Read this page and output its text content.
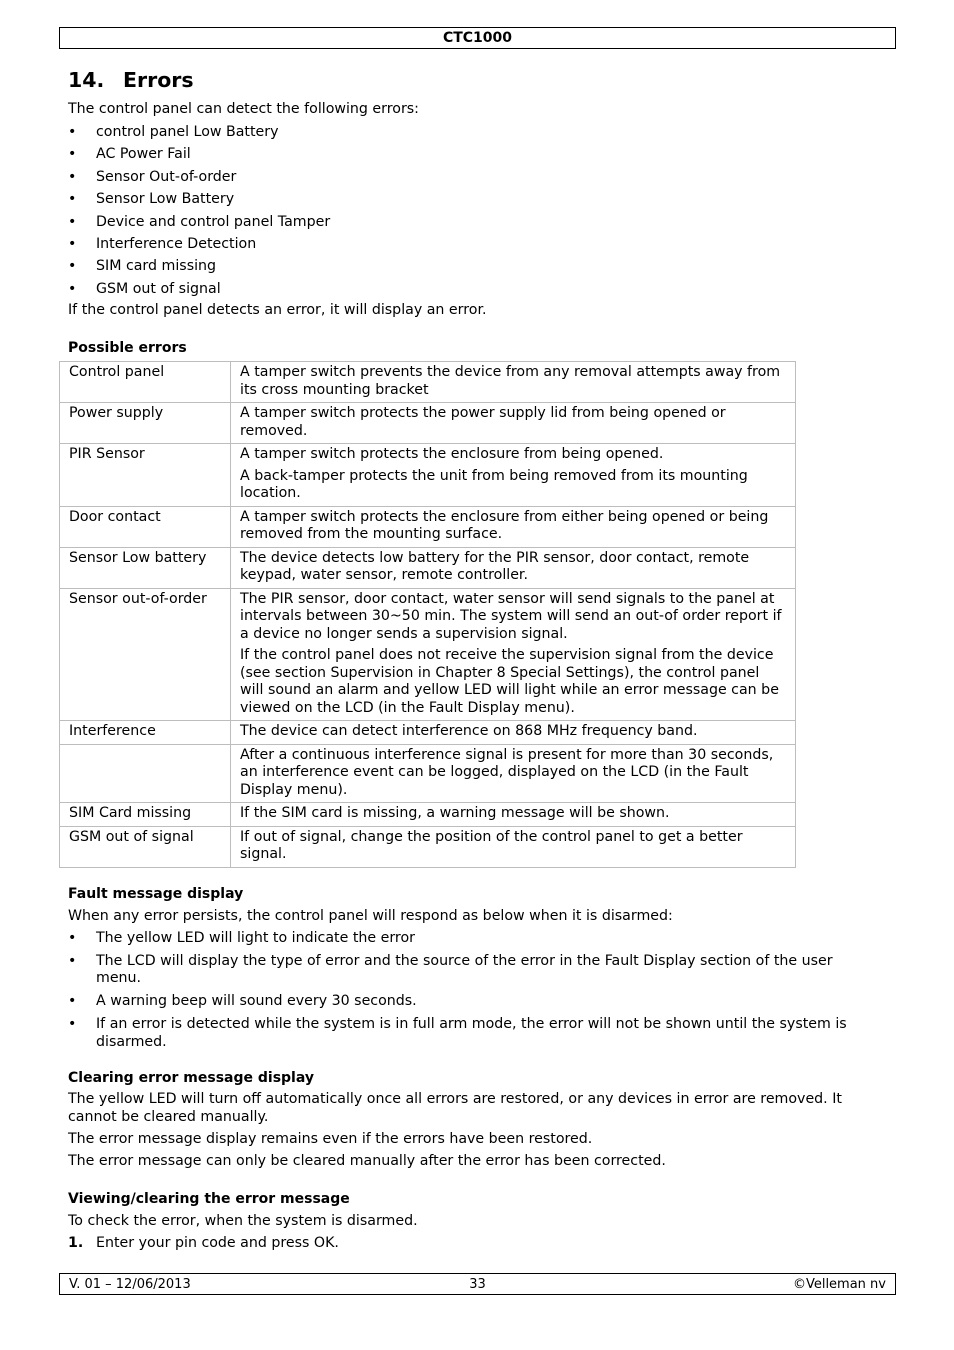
CTC1000
14. Errors

The control panel can detect the following errors:

• control panel Low Battery
• AC Power Fail
• Sensor Out-of-order
• Sensor Low Battery
• Device and control panel Tamper
• Interference Detection
• SIM card missing
• GSM out of signal

If the control panel detects an error, it will display an error.

Possible errors
Control panel	A tamper switch prevents the device from any removal attempts away from its cross mounting bracket

Power supply	A tamper switch protects the power supply lid from being opened or removed.

PIR Sensor	A tamper switch protects the enclosure from being opened.

A back-tamper protects the unit from being removed from its mounting location.

Door contact	A tamper switch protects the enclosure from either being opened or being removed from the mounting surface.

Sensor Low battery	The device detects low battery for the PIR sensor, door contact, remote keypad, water sensor, remote controller.

Sensor out-of-order	The PIR sensor, door contact, water sensor will send signals to the panel at intervals between 30~50 min. The system will send an out-of order report if a device no longer sends a supervision signal.

If the control panel does not receive the supervision signal from the device (see section Supervision in Chapter 8 Special Settings), the control panel will sound an alarm and yellow LED will light while an error message can be viewed on the LCD (in the Fault Display menu).

Interference	The device can detect interference on 868 MHz frequency band.

	After a continuous interference signal is present for more than 30 seconds, an interference event can be logged, displayed on the LCD (in the Fault Display menu).

SIM Card missing	If the SIM card is missing, a warning message will be shown.

GSM out of signal	If out of signal, change the position of the control panel to get a better signal.

Fault message display

When any error persists, the control panel will respond as below when it is disarmed:

• The yellow LED will light to indicate the error
• The LCD will display the type of error and the source of the error in the Fault Display section of the user menu.
• A warning beep will sound every 30 seconds.
• If an error is detected while the system is in full arm mode, the error will not be shown until the system is disarmed.
Clearing error message display

The yellow LED will turn off automatically once all errors are restored, or any devices in error are removed. It cannot be cleared manually.

The error message display remains even if the errors have been restored.

The error message can only be cleared manually after the error has been corrected.

Viewing/clearing the error message

To check the error, when the system is disarmed.

1. Enter your pin code and press OK.
33
V. 01 – 12/06/2013	©Velleman nv
